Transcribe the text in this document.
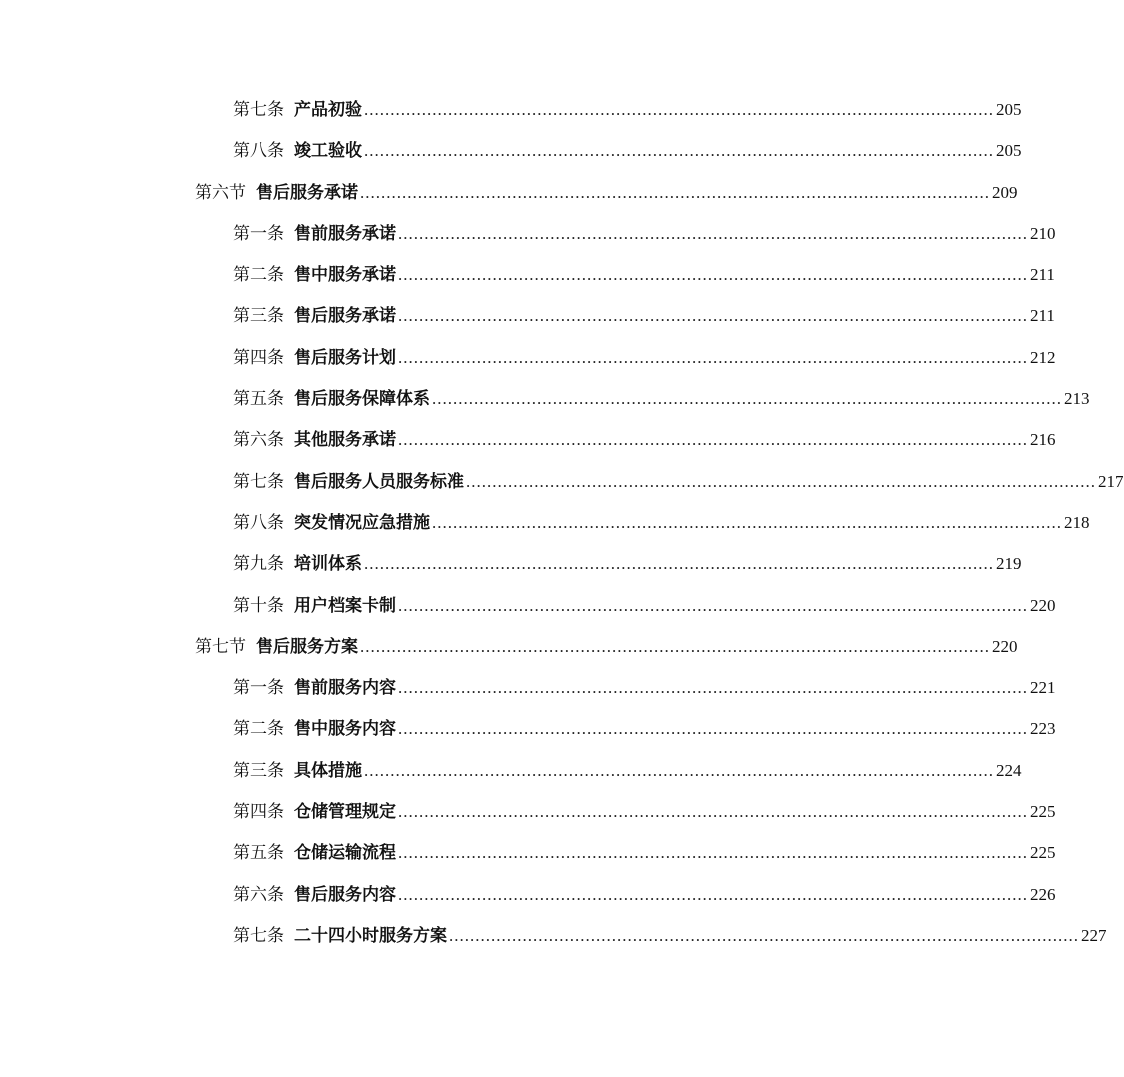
第七条 产品初验 ........................................................................................................................ 205
第八条 竣工验收 ........................................................................................................................ 205
第六节 售后服务承诺 ........................................................................................................................ 209
第一条 售前服务承诺 ........................................................................................................................ 210
第二条 售中服务承诺 ........................................................................................................................ 211
第三条 售后服务承诺 ........................................................................................................................ 211
第四条 售后服务计划 ........................................................................................................................ 212
第五条 售后服务保障体系 ........................................................................................................................ 213
第六条 其他服务承诺 ........................................................................................................................ 216
第七条 售后服务人员服务标准 ........................................................................................................................ 217
第八条 突发情况应急措施 ........................................................................................................................ 218
第九条 培训体系 ........................................................................................................................ 219
第十条 用户档案卡制 ........................................................................................................................ 220
第七节 售后服务方案 ........................................................................................................................ 220
第一条 售前服务内容 ........................................................................................................................ 221
第二条 售中服务内容 ........................................................................................................................ 223
第三条 具体措施 ........................................................................................................................ 224
第四条 仓储管理规定 ........................................................................................................................ 225
第五条 仓储运输流程 ........................................................................................................................ 225
第六条 售后服务内容 ........................................................................................................................ 226
第七条 二十四小时服务方案 ........................................................................................................................ 227
